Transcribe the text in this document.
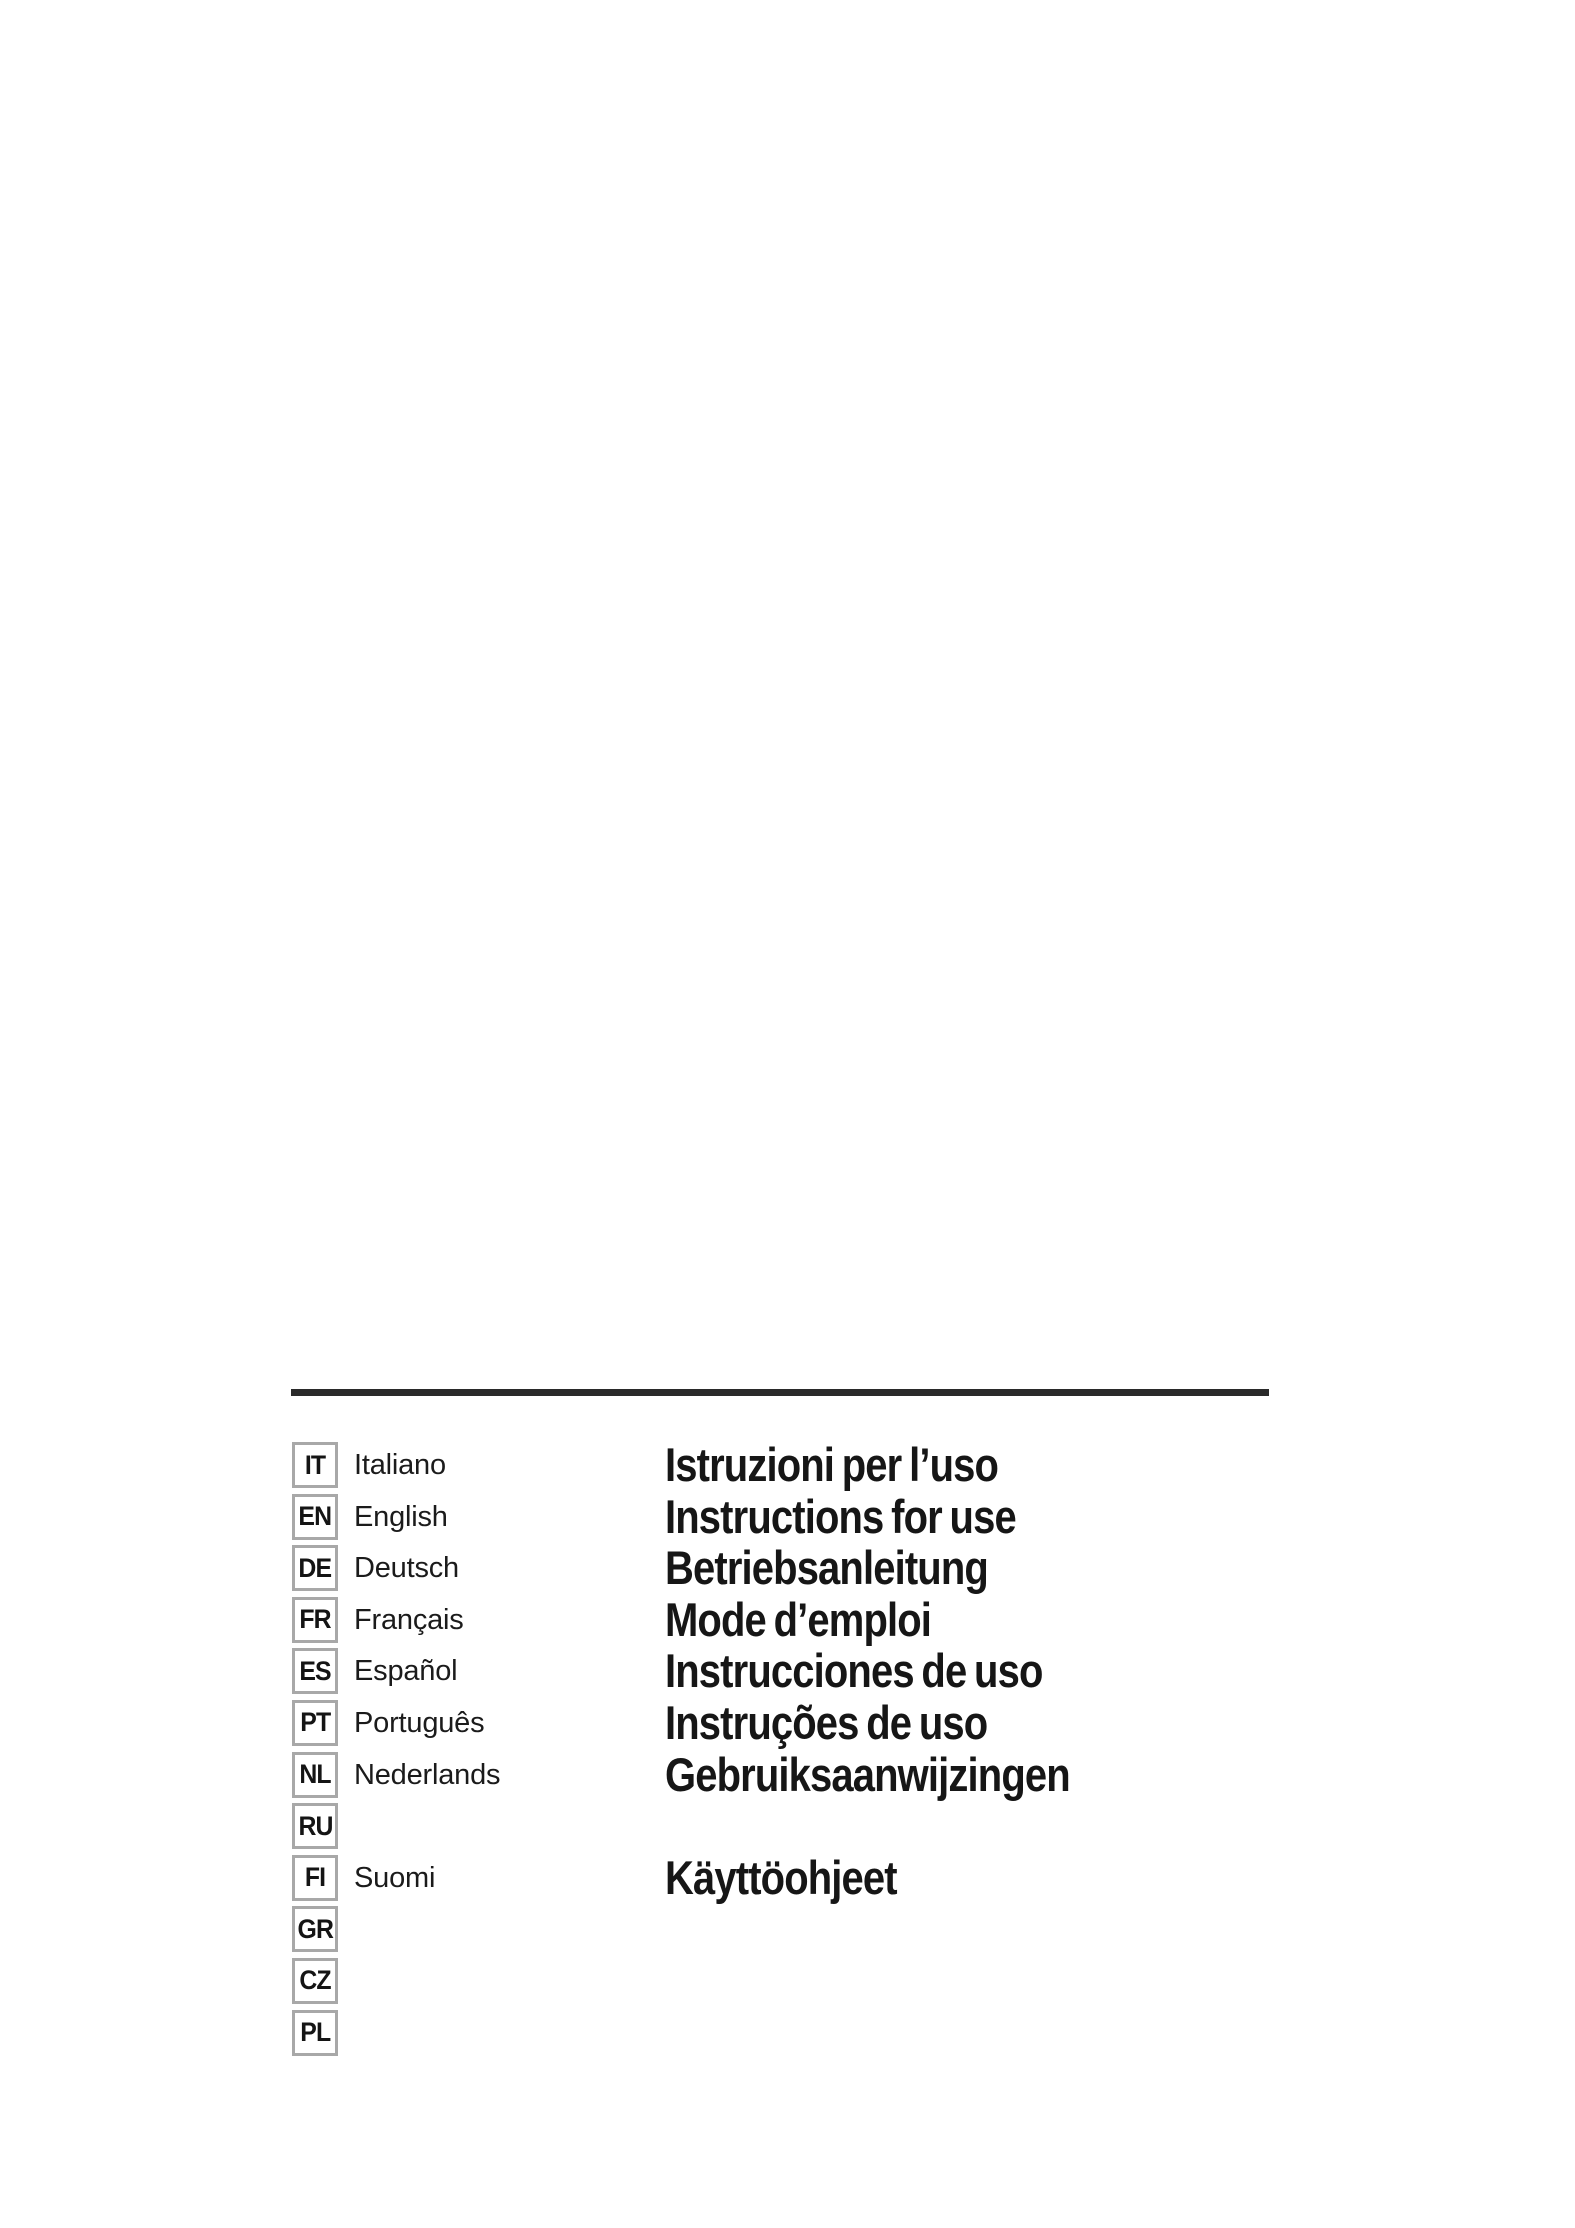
IT Italiano	Istruzioni per l’uso
EN English	Instructions for use
DE Deutsch	Betriebsanleitung
FR Français	Mode d’emploi
ES Español	Instrucciones de uso
PT Português	Instruções de uso
NL Nederlands	Gebruiksaanwijzingen
RU
FI Suomi	Käyttöohjeet
GR
CZ
PL
